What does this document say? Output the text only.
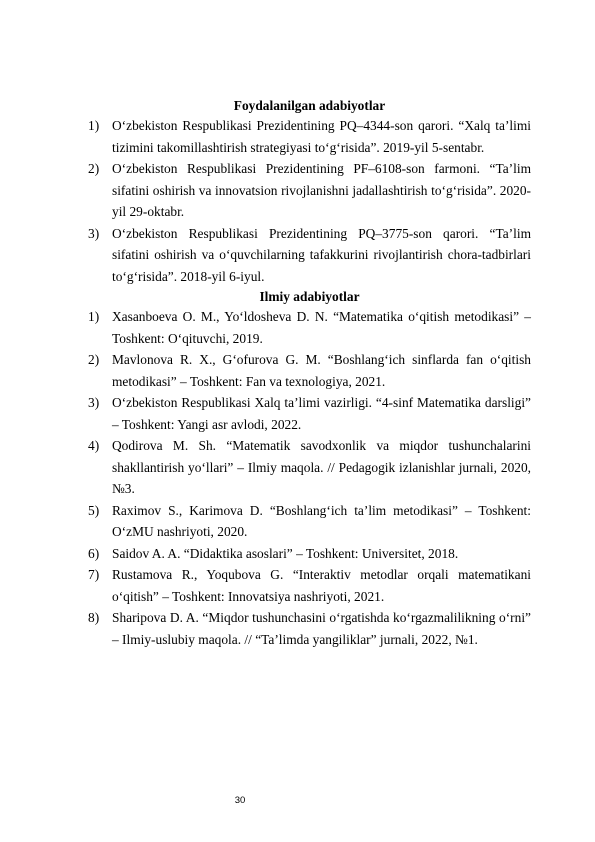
Foydalanilgan adabiyotlar
1) O‘zbekiston Respublikasi Prezidentining PQ–4344-son qarori. “Xalq ta’limi tizimini takomillashtirish strategiyasi to‘g‘risida”. 2019-yil 5-sentabr.
2) O‘zbekiston Respublikasi Prezidentining PF–6108-son farmoni. “Ta’lim sifatini oshirish va innovatsion rivojlanishni jadallashtirish to‘g‘risida”. 2020-yil 29-oktabr.
3) O‘zbekiston Respublikasi Prezidentining PQ–3775-son qarori. “Ta’lim sifatini oshirish va o‘quvchilarning tafakkurini rivojlantirish chora-tadbirlari to‘g‘risida”. 2018-yil 6-iyul.
Ilmiy adabiyotlar
1) Xasanboeva O. M., Yo‘ldosheva D. N. “Matematika o‘qitish metodikasi” – Toshkent: O‘qituvchi, 2019.
2) Mavlonova R. X., G‘ofurova G. M. “Boshlang‘ich sinflarda fan o‘qitish metodikasi” – Toshkent: Fan va texnologiya, 2021.
3) O‘zbekiston Respublikasi Xalq ta’limi vazirligi. “4-sinf Matematika darsligi” – Toshkent: Yangi asr avlodi, 2022.
4) Qodirova M. Sh. “Matematik savodxonlik va miqdor tushunchalarini shakllantirish yo‘llari” – Ilmiy maqola. // Pedagogik izlanishlar jurnali, 2020, №3.
5) Raximov S., Karimova D. “Boshlang‘ich ta’lim metodikasi” – Toshkent: O‘zMU nashriyoti, 2020.
6) Saidov A. A. “Didaktika asoslari” – Toshkent: Universitet, 2018.
7) Rustamova R., Yoqubova G. “Interaktiv metodlar orqali matematikani o‘qitish” – Toshkent: Innovatsiya nashriyoti, 2021.
8) Sharipova D. A. “Miqdor tushunchasini o‘rgatishda ko‘rgazmalilikning o‘rni” – Ilmiy-uslubiy maqola. // “Ta’limda yangiliklar” jurnali, 2022, №1.
30
